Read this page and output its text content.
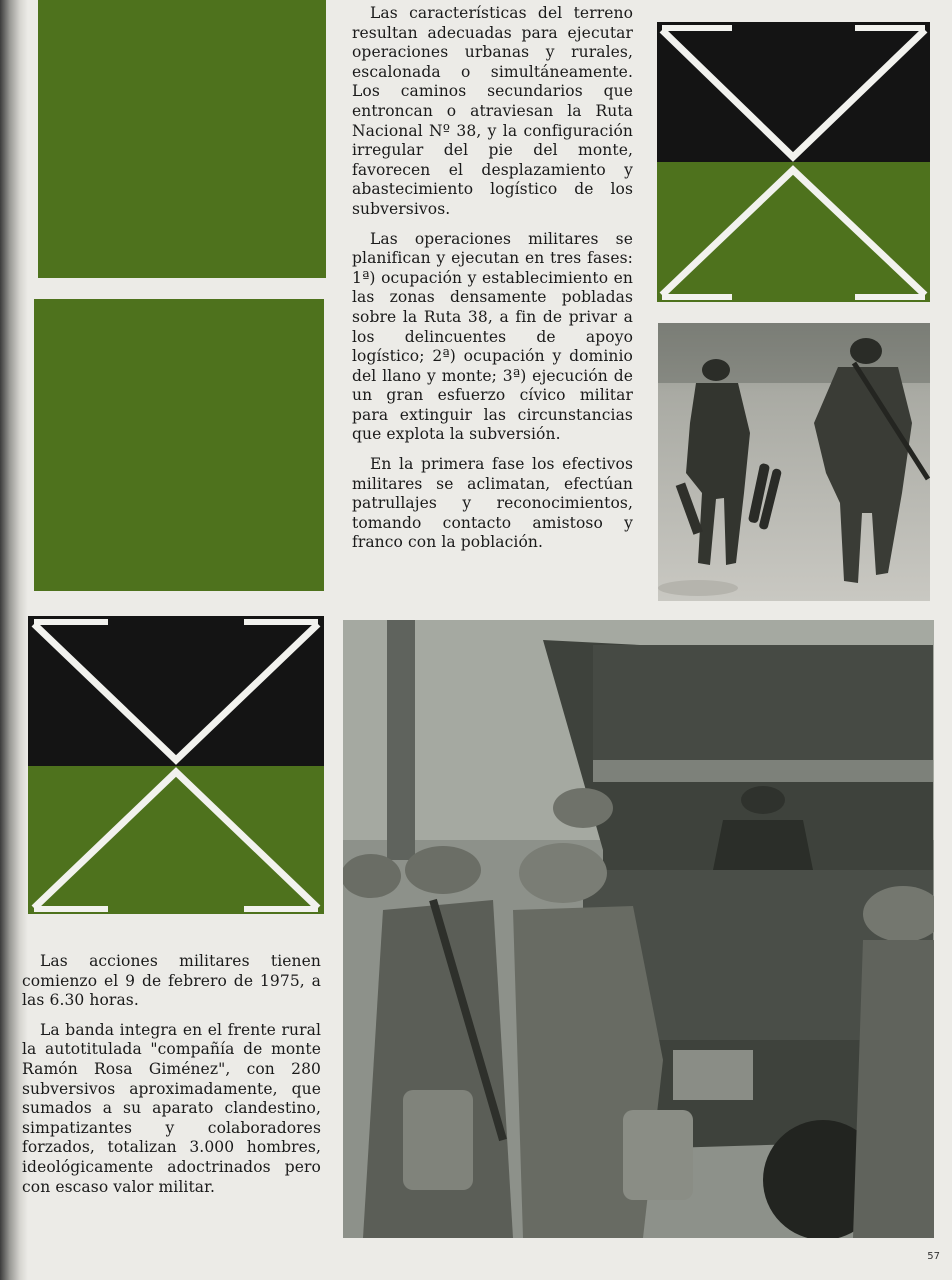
Las características del terreno resultan adecuadas para ejecutar operaciones urbanas y rurales, escalonada o simultáneamente. Los caminos secundarios que entroncan o atraviesan la Ruta Nacional Nº 38, y la configuración irregular del pie del monte, favorecen el desplazamiento y abastecimiento logístico de los subversivos.

Las operaciones militares se planifican y ejecutan en tres fases: 1ª) ocupación y establecimiento en las zonas densamente pobladas sobre la Ruta 38, a fin de privar a los delincuentes de apoyo logístico; 2ª) ocupación y dominio del llano y monte; 3ª) ejecución de un gran esfuerzo cívico militar para extinguir las circunstancias que explota la subversión.

En la primera fase los efectivos militares se aclimatan, efectúan patrullajes y reconocimientos, tomando contacto amistoso y franco con la población.

Las acciones militares tienen comienzo el 9 de febrero de 1975, a las 6.30 horas.

La banda integra en el frente rural la autotitulada "compañía de monte Ramón Rosa Giménez", con 280 subversivos aproximadamente, que sumados a su aparato clandestino, simpatizantes y colaboradores forzados, totalizan 3.000 hombres, ideológicamente adoctrinados pero con escaso valor militar.

57
